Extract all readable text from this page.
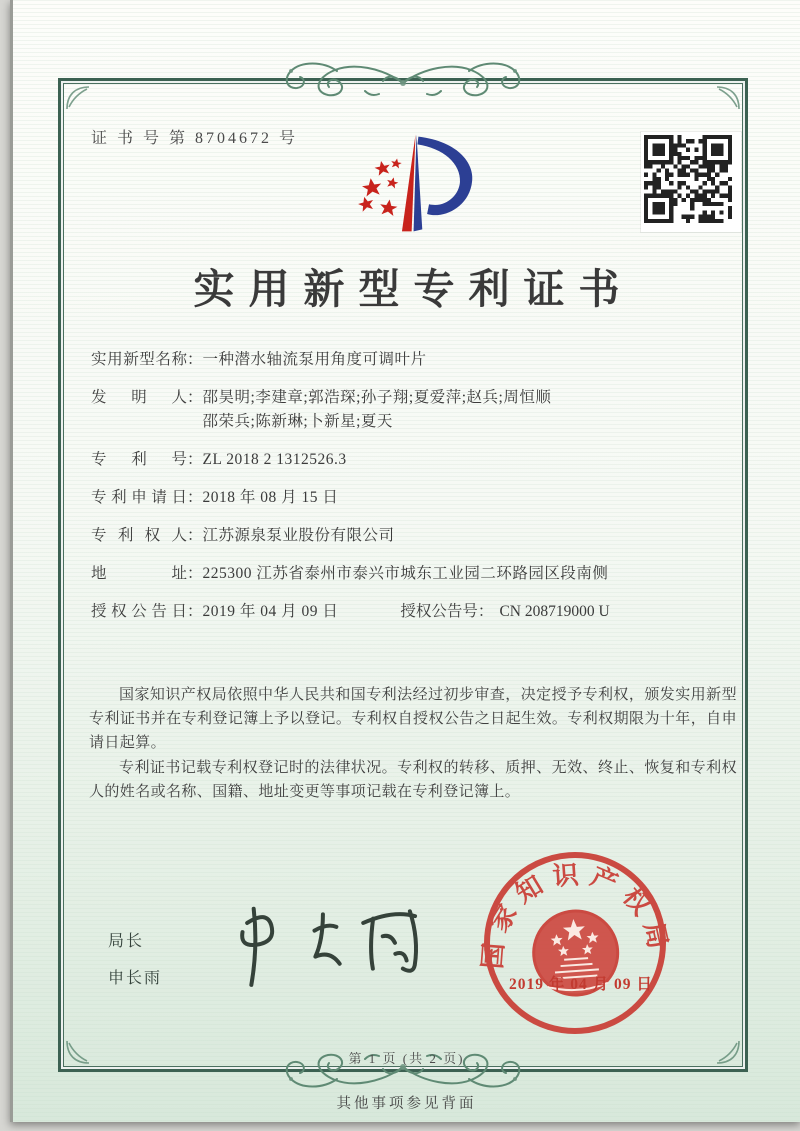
证 书 号 第 8704672 号
实用新型专利证书
实用新型名称 ： 一种潜水轴流泵用角度可调叶片
发明人 ： 邵昊明;李建章;郭浩琛;孙子翔;夏爱萍;赵兵;周恒顺
邵荣兵;陈新琳;卜新星;夏天
专利号 ： ZL 2018 2 1312526.3
专利申请日 ： 2018 年 08 月 15 日
专利权人 ： 江苏源泉泵业股份有限公司
地址 ： 225300 江苏省泰州市泰兴市城东工业园二环路园区段南侧
授权公告日 ： 2019 年 04 月 09 日	授权公告号 ： CN 208719000 U

国家知识产权局依照中华人民共和国专利法经过初步审查，决定授予专利权，颁发实用新型专利证书并在专利登记簿上予以登记。专利权自授权公告之日起生效。专利权期限为十年，自申请日起算。

专利证书记载专利权登记时的法律状况。专利权的转移、质押、无效、终止、恢复和专利权人的姓名或名称、国籍、地址变更等事项记载在专利登记簿上。

局长
申长雨
国家知识产权局
2019 年 04 月 09 日
第 1 页 (共 2 页)
其他事项参见背面
